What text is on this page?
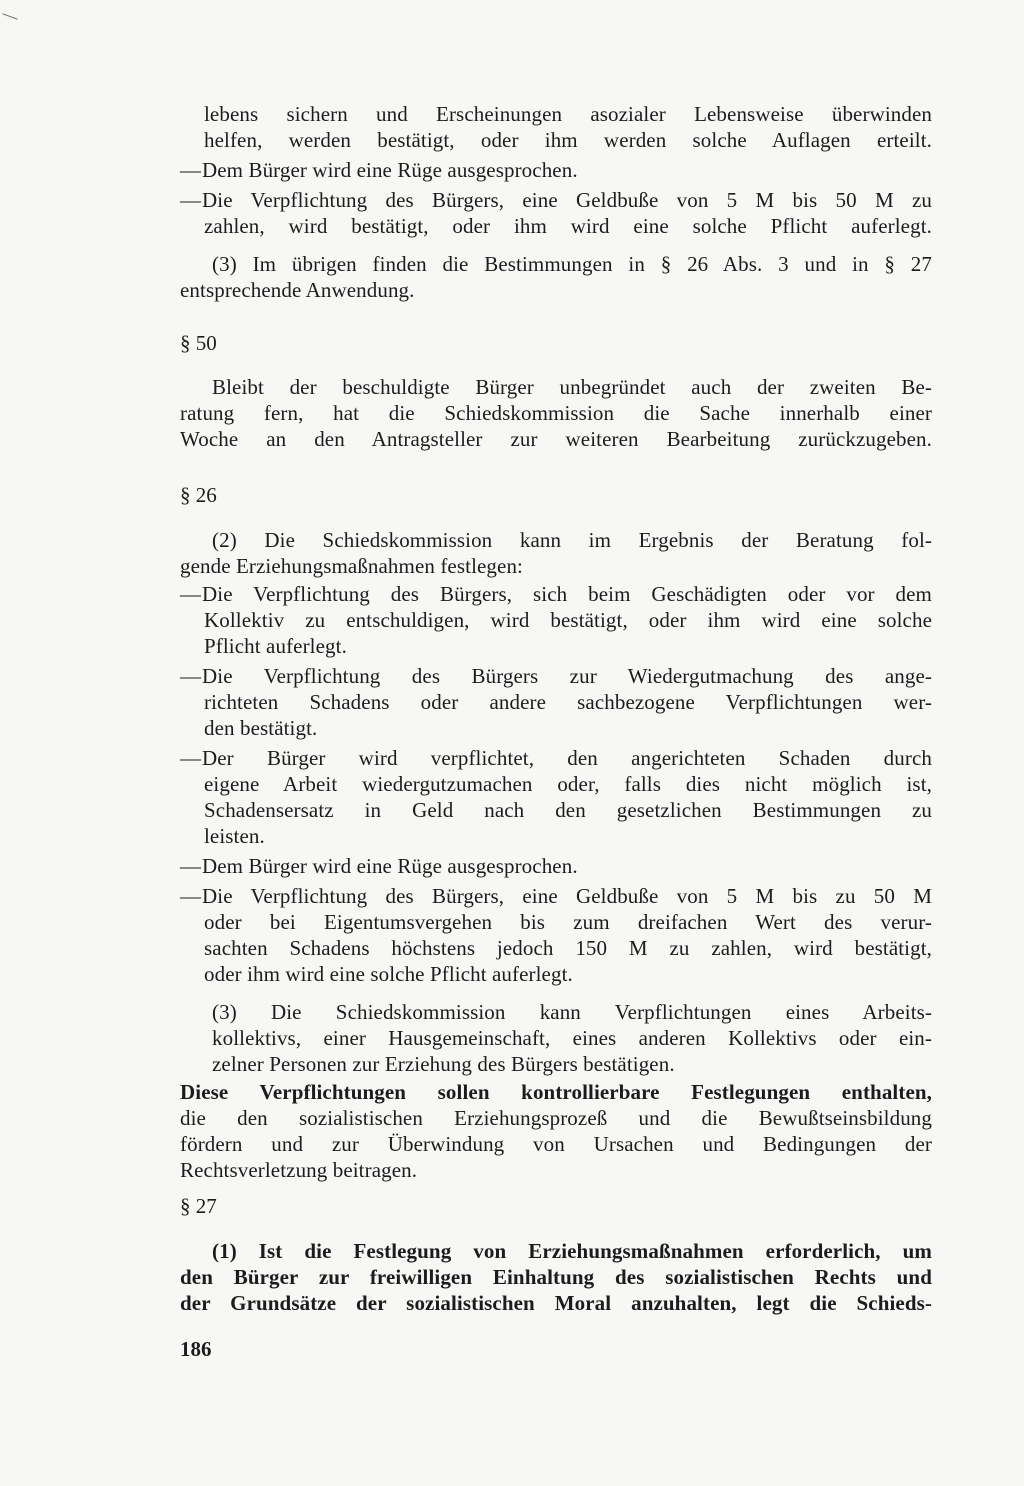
lebens sichern und Erscheinungen asozialer Lebensweise überwinden
helfen, werden bestätigt, oder ihm werden solche Auflagen erteilt.
— Dem Bürger wird eine Rüge ausgesprochen.
— Die Verpflichtung des Bürgers, eine Geldbuße von 5 M bis 50 M zu
zahlen, wird bestätigt, oder ihm wird eine solche Pflicht auferlegt.
(3) Im übrigen finden die Bestimmungen in § 26 Abs. 3 und in § 27
entsprechende Anwendung.
§ 50
Bleibt der beschuldigte Bürger unbegründet auch der zweiten Be-
ratung fern, hat die Schiedskommission die Sache innerhalb einer
Woche an den Antragsteller zur weiteren Bearbeitung zurückzugeben.
§ 26
(2) Die Schiedskommission kann im Ergebnis der Beratung fol-
gende Erziehungsmaßnahmen festlegen:
— Die Verpflichtung des Bürgers, sich beim Geschädigten oder vor dem
Kollektiv zu entschuldigen, wird bestätigt, oder ihm wird eine solche
Pflicht auferlegt.
— Die Verpflichtung des Bürgers zur Wiedergutmachung des ange-
richteten Schadens oder andere sachbezogene Verpflichtungen wer-
den bestätigt.
— Der Bürger wird verpflichtet, den angerichteten Schaden durch
eigene Arbeit wiedergutzumachen oder, falls dies nicht möglich ist,
Schadensersatz in Geld nach den gesetzlichen Bestimmungen zu
leisten.
— Dem Bürger wird eine Rüge ausgesprochen.
— Die Verpflichtung des Bürgers, eine Geldbuße von 5 M bis zu 50 M
oder bei Eigentumsvergehen bis zum dreifachen Wert des verur-
sachten Schadens höchstens jedoch 150 M zu zahlen, wird bestätigt,
oder ihm wird eine solche Pflicht auferlegt.
(3) Die Schiedskommission kann Verpflichtungen eines Arbeits-
kollektivs, einer Hausgemeinschaft, eines anderen Kollektivs oder ein-
zelner Personen zur Erziehung des Bürgers bestätigen.
Diese Verpflichtungen sollen kontrollierbare Festlegungen enthalten,
die den sozialistischen Erziehungsprozeß und die Bewußtseinsbildung
fördern und zur Überwindung von Ursachen und Bedingungen der
Rechtsverletzung beitragen.
§ 27
(1) Ist die Festlegung von Erziehungsmaßnahmen erforderlich, um
den Bürger zur freiwilligen Einhaltung des sozialistischen Rechts und
der Grundsätze der sozialistischen Moral anzuhalten, legt die Schieds-
186
